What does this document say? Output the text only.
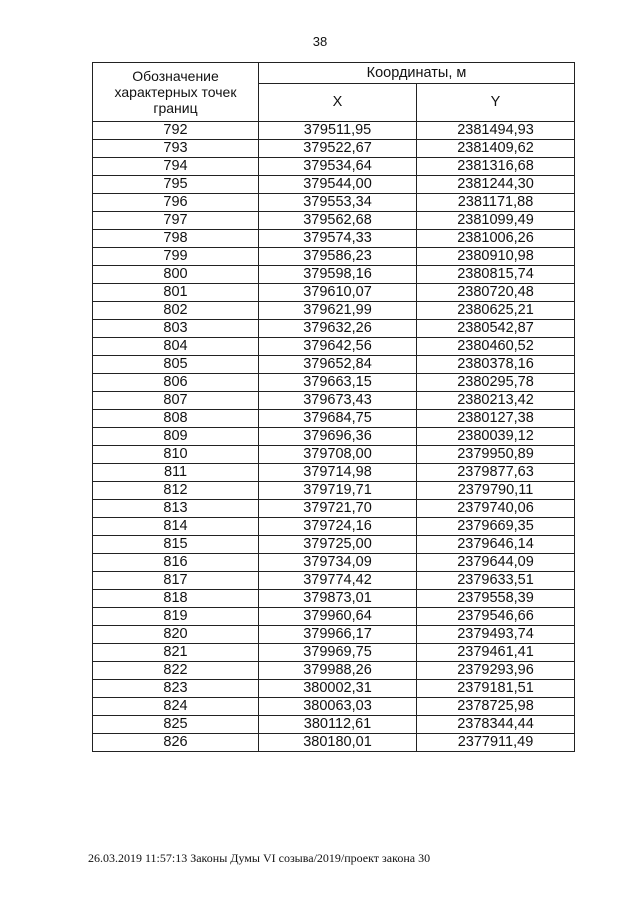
38
Обозначение характерных точек границ	Координаты, м	
	X	Y
792	379511,95	2381494,93
793	379522,67	2381409,62
794	379534,64	2381316,68
795	379544,00	2381244,30
796	379553,34	2381171,88
797	379562,68	2381099,49
798	379574,33	2381006,26
799	379586,23	2380910,98
800	379598,16	2380815,74
801	379610,07	2380720,48
802	379621,99	2380625,21
803	379632,26	2380542,87
804	379642,56	2380460,52
805	379652,84	2380378,16
806	379663,15	2380295,78
807	379673,43	2380213,42
808	379684,75	2380127,38
809	379696,36	2380039,12
810	379708,00	2379950,89
811	379714,98	2379877,63
812	379719,71	2379790,11
813	379721,70	2379740,06
814	379724,16	2379669,35
815	379725,00	2379646,14
816	379734,09	2379644,09
817	379774,42	2379633,51
818	379873,01	2379558,39
819	379960,64	2379546,66
820	379966,17	2379493,74
821	379969,75	2379461,41
822	379988,26	2379293,96
823	380002,31	2379181,51
824	380063,03	2378725,98
825	380112,61	2378344,44
826	380180,01	2377911,49
26.03.2019 11:57:13 Законы Думы VI созыва/2019/проект закона 30
